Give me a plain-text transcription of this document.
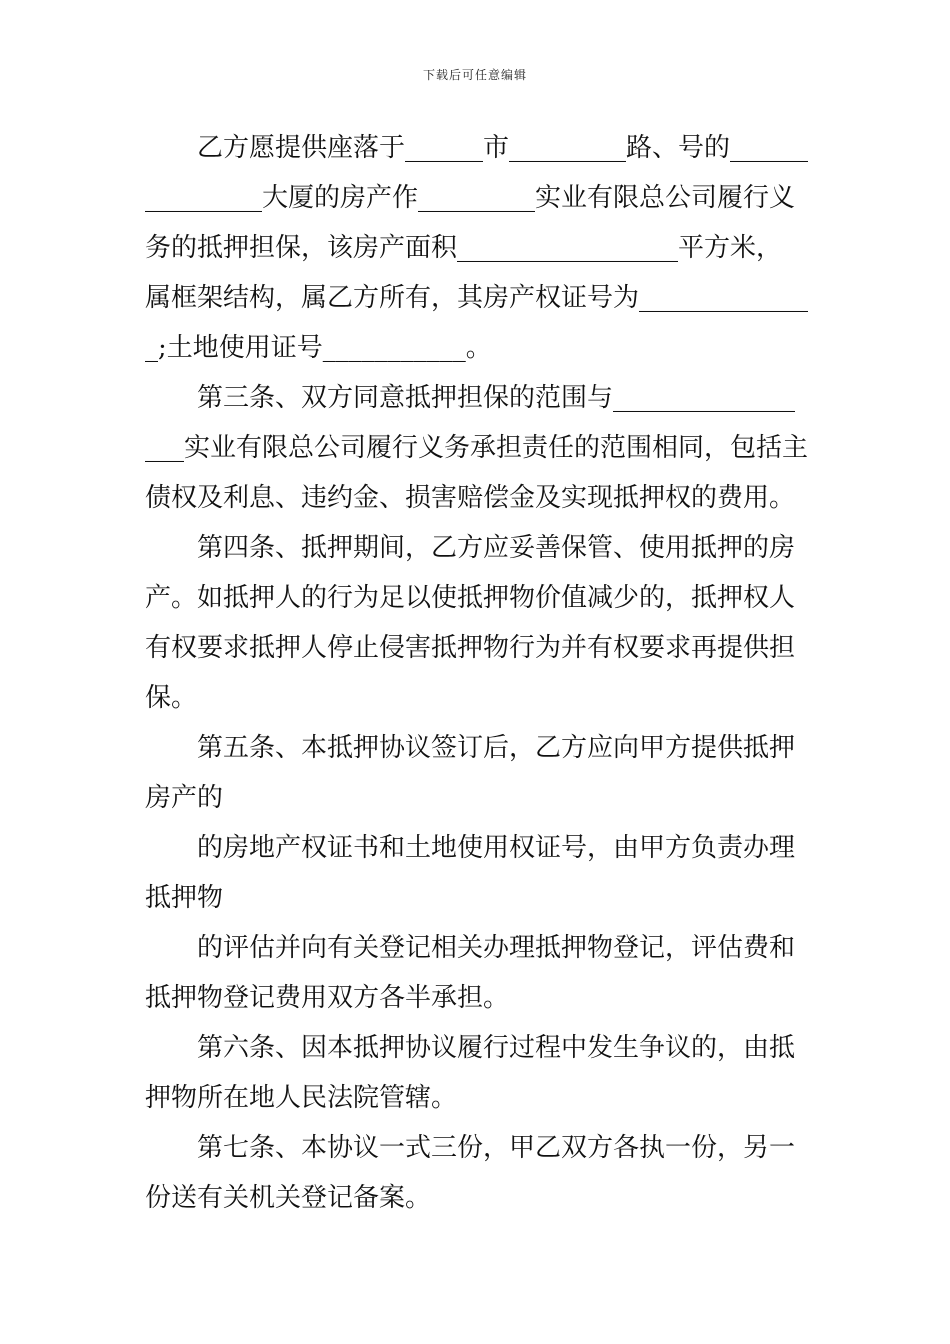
下载后可任意编辑
乙方愿提供座落于______市_________路、号的______
_________大厦的房产作_________实业有限总公司履行义
务的抵押担保，该房产面积_________________平方米，
属框架结构，属乙方所有，其房产权证号为_____________
_;土地使用证号___________。
第三条、双方同意抵押担保的范围与______________
___实业有限总公司履行义务承担责任的范围相同，包括主
债权及利息、违约金、损害赔偿金及实现抵押权的费用。
第四条、抵押期间，乙方应妥善保管、使用抵押的房
产。如抵押人的行为足以使抵押物价值减少的，抵押权人
有权要求抵押人停止侵害抵押物行为并有权要求再提供担
保。
第五条、本抵押协议签订后，乙方应向甲方提供抵押
房产的
的房地产权证书和土地使用权证号，由甲方负责办理
抵押物
的评估并向有关登记相关办理抵押物登记，评估费和
抵押物登记费用双方各半承担。
第六条、因本抵押协议履行过程中发生争议的，由抵
押物所在地人民法院管辖。
第七条、本协议一式三份，甲乙双方各执一份，另一
份送有关机关登记备案。
